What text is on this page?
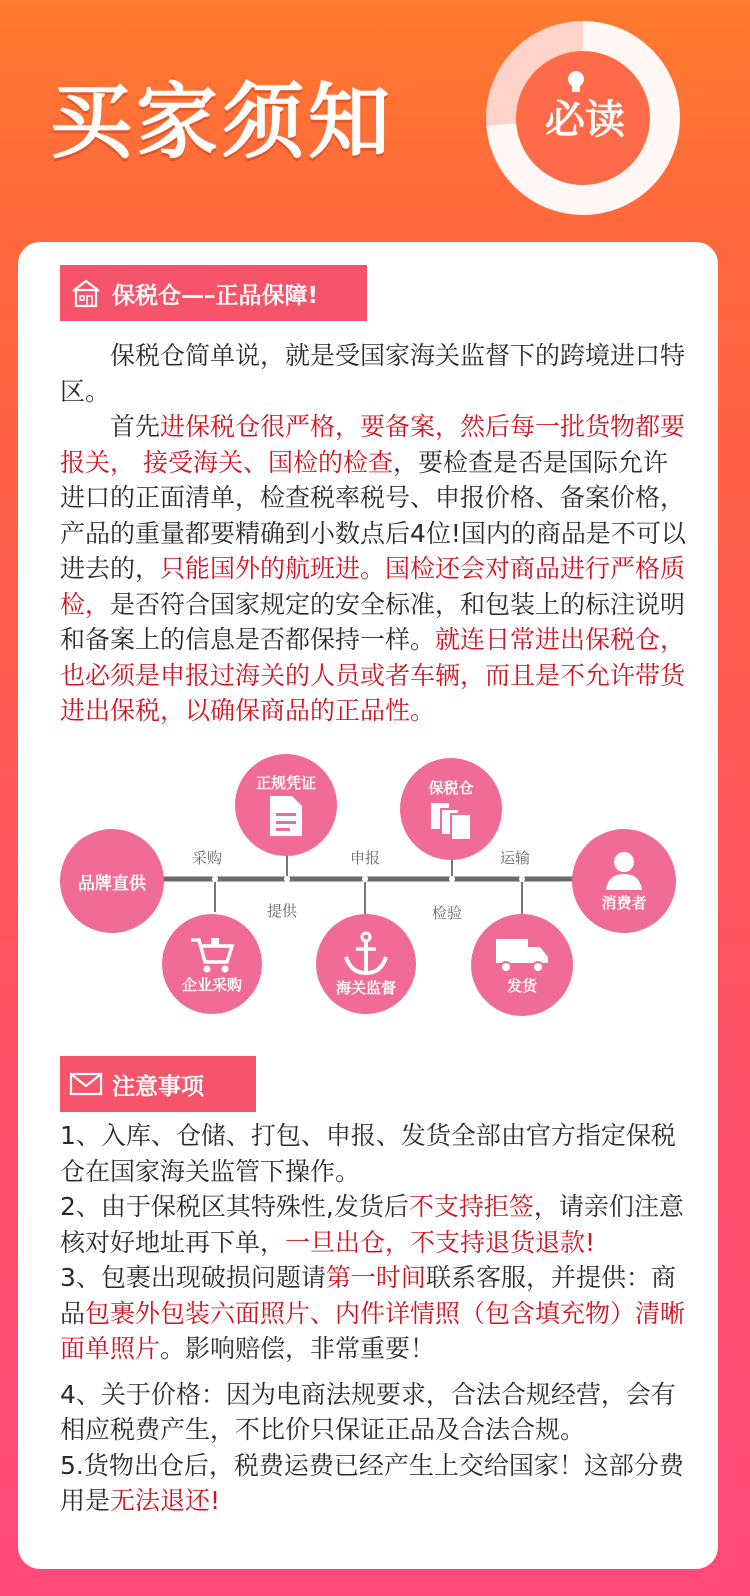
买家须知	必读
保税仓—–正品保障!
保税仓简单说，就是受国家海关监督下的跨境进口特区。
首先进保税仓很严格，要备案，然后每一批货物都要报关， 接受海关、国检的检查，要检查是否是国际允许进口的正面清单，检查税率税号、申报价格、备案价格，产品的重量都要精确到小数点后4位!国内的商品是不可以进去的，只能国外的航班进。国检还会对商品进行严格质检，是否符合国家规定的安全标准，和包装上的标注说明和备案上的信息是否都保持一样。就连日常进出保税仓，也必须是申报过海关的人员或者车辆，而且是不允许带货进出保税，以确保商品的正品性。
品牌直供
企业采购
正规凭证
海关监督
保税仓
发货
消费者
采购
提供
申报
检验
运输
注意事项
1、入库、仓储、打包、申报、发货全部由官方指定保税仓在国家海关监管下操作。
2、由于保税区其特殊性,发货后不支持拒签，请亲们注意核对好地址再下单，一旦出仓，不支持退货退款!
3、包裹出现破损问题请第一时间联系客服，并提供：商品包裹外包装六面照片、内件详情照（包含填充物）清晰面单照片。影响赔偿，非常重要！
4、关于价格：因为电商法规要求，合法合规经营，会有相应税费产生，不比价只保证正品及合法合规。
5.货物出仓后，税费运费已经产生上交给国家！这部分费用是无法退还!
